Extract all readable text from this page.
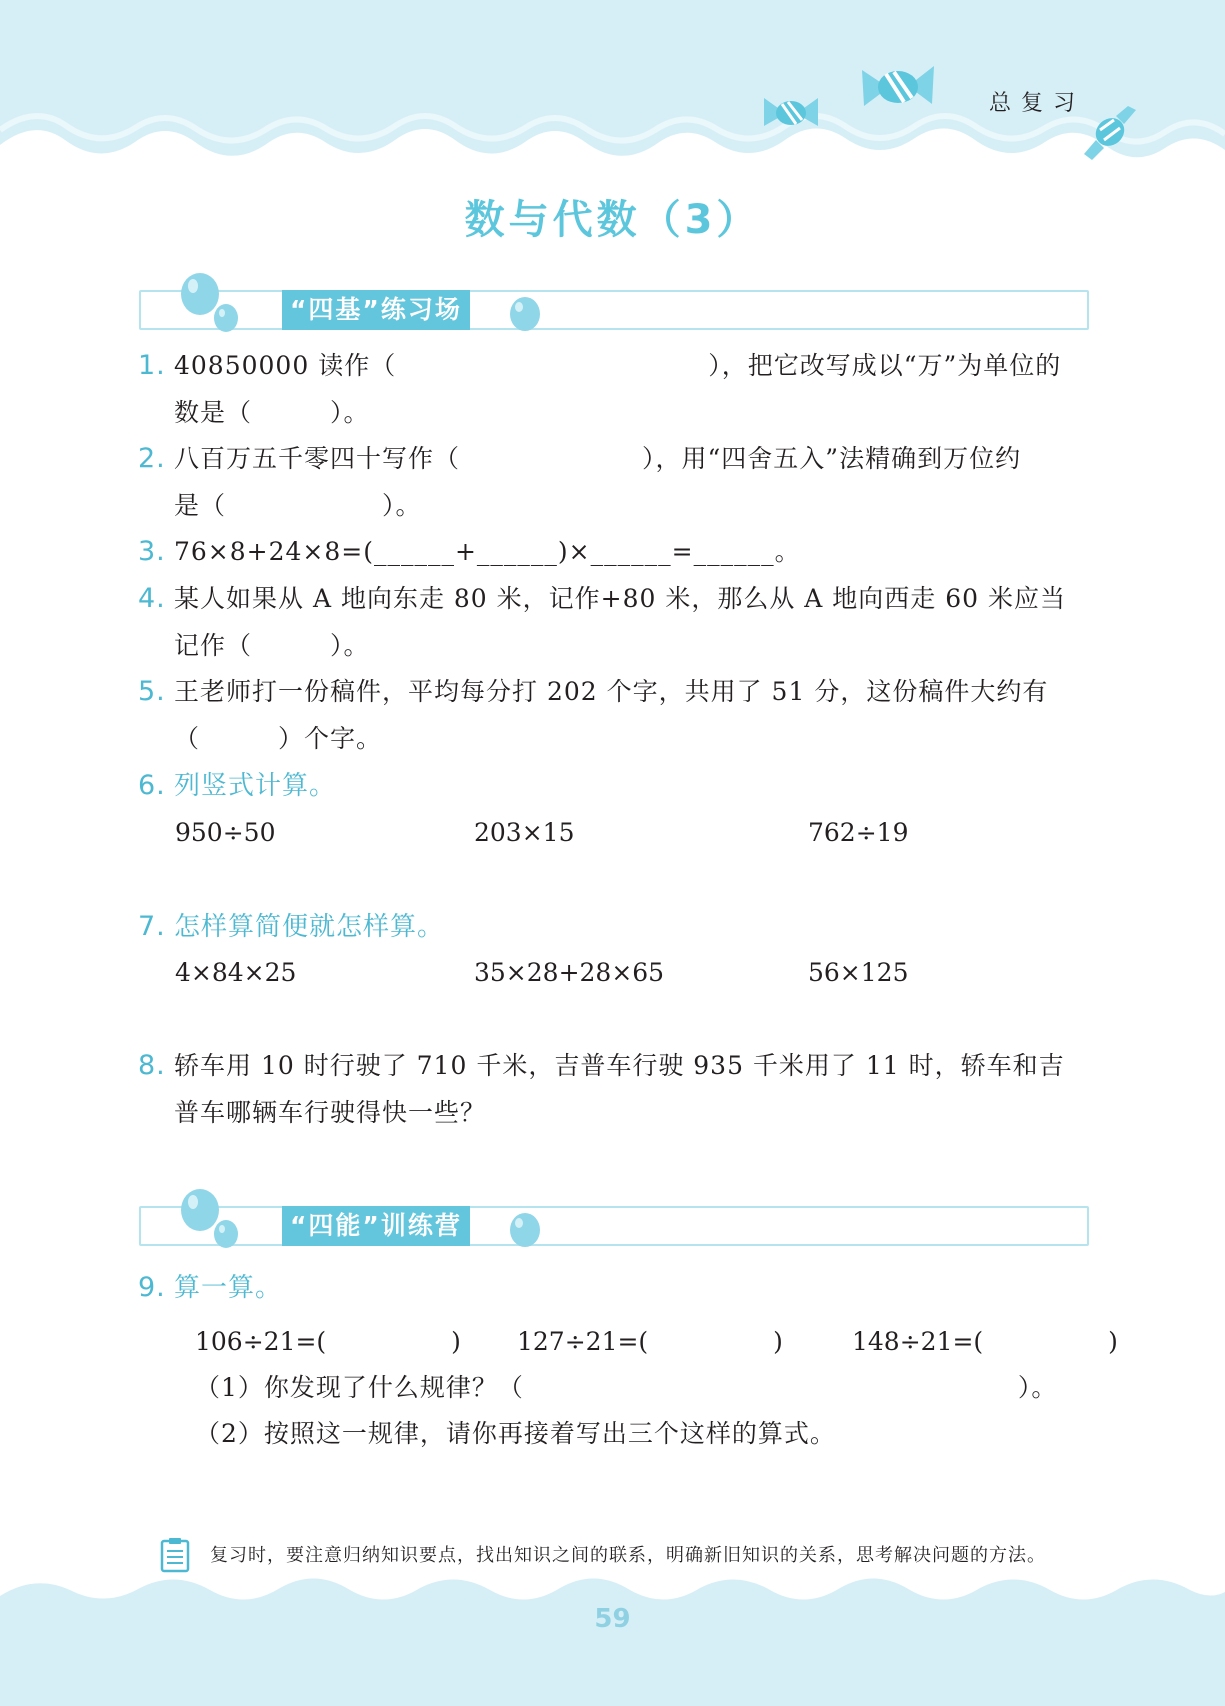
总复习
数与代数（3）
“四基”练习场
1. 40850000 读作（　　　　　　　　　　　　），把它改写成以“万”为单位的
数是（　　　）。
2. 八百万五千零四十写作（　　　　　　　），用“四舍五入”法精确到万位约
是（　　　　　　）。
3. 76×8+24×8=(______+______)×______=______。
4. 某人如果从 A 地向东走 80 米，记作+80 米，那么从 A 地向西走 60 米应当
记作（　　　）。
5. 王老师打一份稿件，平均每分打 202 个字，共用了 51 分，这份稿件大约有
（　　　）个字。
6. 列竖式计算。
950÷50	203×15	762÷19
7. 怎样算简便就怎样算。
4×84×25	35×28+28×65	56×125
8. 轿车用 10 时行驶了 710 千米，吉普车行驶 935 千米用了 11 时，轿车和吉
普车哪辆车行驶得快一些？
“四能”训练营
9. 算一算。
106÷21=(　　　　　) 127÷21=(　　　　　)	148÷21=(　　　　　)
（1）你发现了什么规律？（　　　　　　　　　　　　　　　　　　　）。
（2）按照这一规律，请你再接着写出三个这样的算式。
复习时，要注意归纳知识要点，找出知识之间的联系，明确新旧知识的关系，思考解决问题的方法。
59
